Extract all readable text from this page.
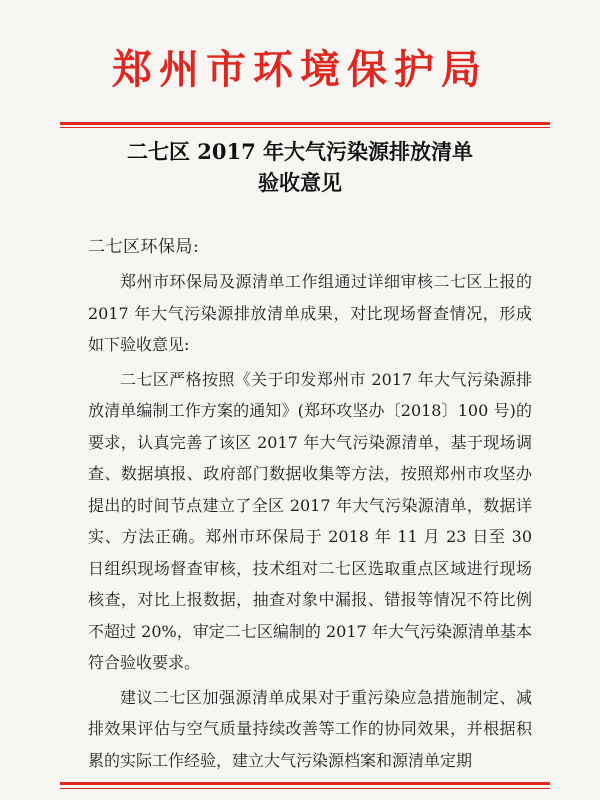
郑州市环境保护局
二七区 2017 年大气污染源排放清单
验收意见
二七区环保局:

郑州市环保局及源清单工作组通过详细审核二七区上报的 2017 年大气污染源排放清单成果，对比现场督查情况，形成如下验收意见:

二七区严格按照《关于印发郑州市 2017 年大气污染源排放清单编制工作方案的通知》(郑环攻坚办〔2018〕100 号)的要求，认真完善了该区 2017 年大气污染源清单，基于现场调查、数据填报、政府部门数据收集等方法，按照郑州市攻坚办提出的时间节点建立了全区 2017 年大气污染源清单，数据详实、方法正确。郑州市环保局于 2018 年 11 月 23 日至 30 日组织现场督查审核，技术组对二七区选取重点区域进行现场核查，对比上报数据，抽查对象中漏报、错报等情况不符比例不超过 20%，审定二七区编制的 2017 年大气污染源清单基本符合验收要求。

建议二七区加强源清单成果对于重污染应急措施制定、减排效果评估与空气质量持续改善等工作的协同效果，并根据积累的实际工作经验，建立大气污染源档案和源清单定期
